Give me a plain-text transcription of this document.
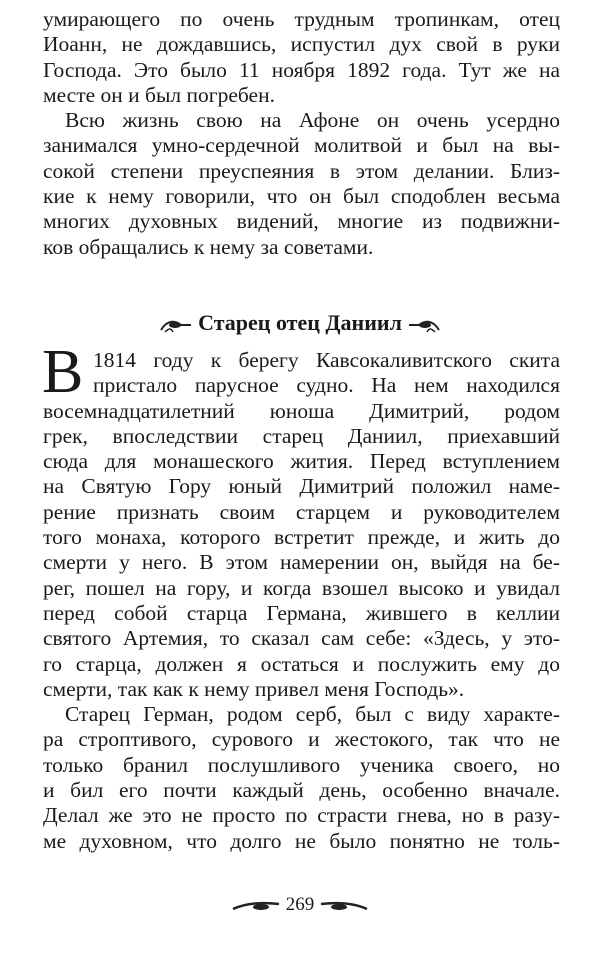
умирающего по очень трудным тропинкам, отец
Иоанн, не дождавшись, испустил дух свой в руки
Господа. Это было 11 ноября 1892 года. Тут же на
месте он и был погребен.
Всю жизнь свою на Афоне он очень усердно
занимался умно-сердечной молитвой и был на вы-
сокой степени преуспеяния в этом делании. Близ-
кие к нему говорили, что он был сподоблен весьма
многих духовных видений, многие из подвижни-
ков обращались к нему за советами.
Старец отец Даниил
В 1814 году к берегу Кавсокаливитского скита
пристало парусное судно. На нем находился
восемнадцатилетний юноша Димитрий, родом
грек, впоследствии старец Даниил, приехавший
сюда для монашеского жития. Перед вступлением
на Святую Гору юный Димитрий положил наме-
рение признать своим старцем и руководителем
того монаха, которого встретит прежде, и жить до
смерти у него. В этом намерении он, выйдя на бе-
рег, пошел на гору, и когда взошел высоко и увидал
перед собой старца Германа, жившего в келлии
святого Артемия, то сказал сам себе: «Здесь, у это-
го старца, должен я остаться и послужить ему до
смерти, так как к нему привел меня Господь».
Старец Герман, родом серб, был с виду характе-
ра строптивого, сурового и жестокого, так что не
только бранил послушливого ученика своего, но
и бил его почти каждый день, особенно вначале.
Делал же это не просто по страсти гнева, но в разу-
ме духовном, что долго не было понятно не толь-
269
